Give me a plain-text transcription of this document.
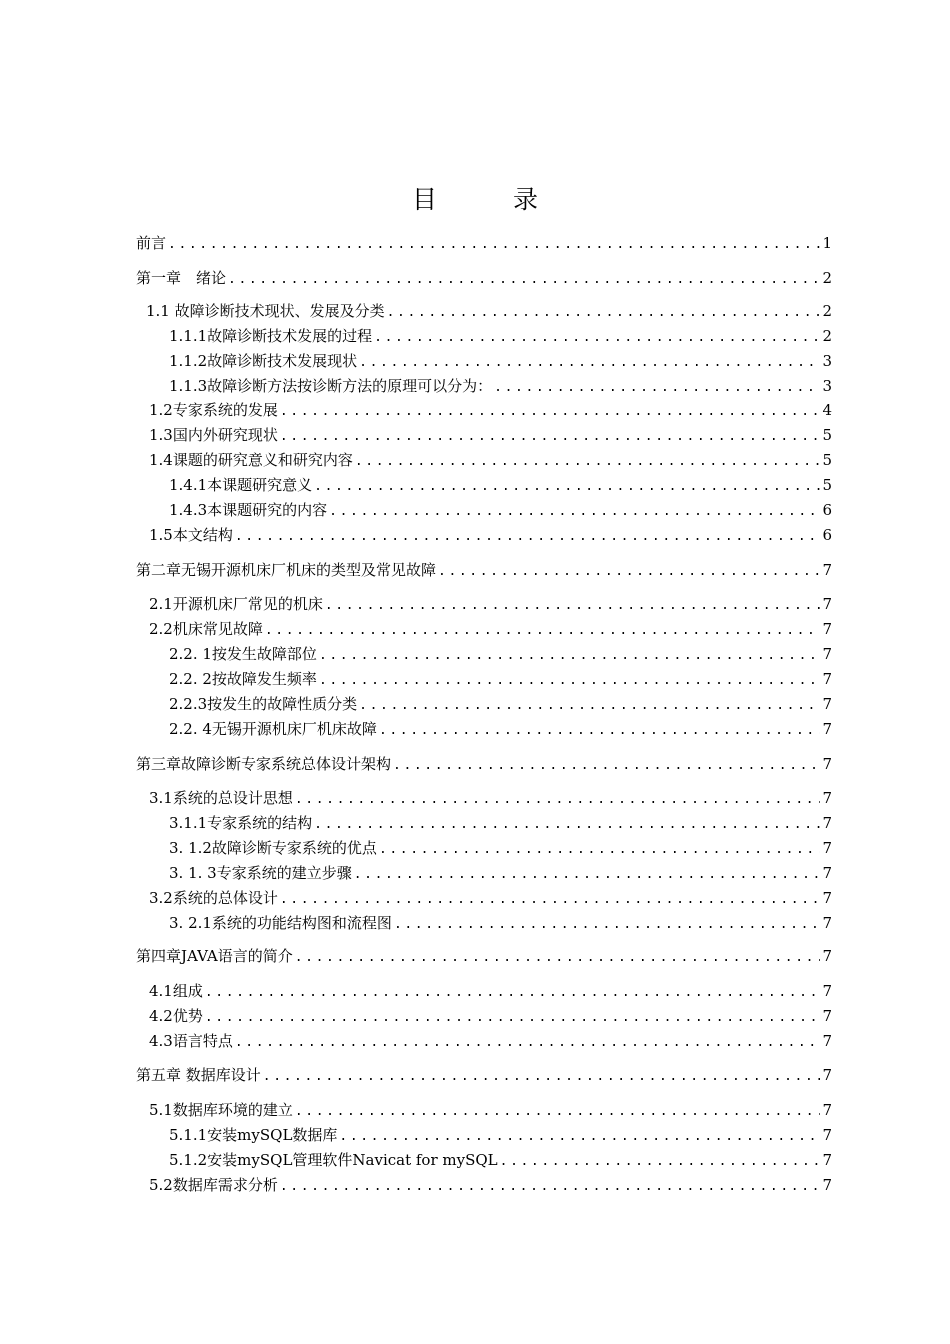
目 录
前言 .....	1
第一章　绪论 .....	2
1.1 故障诊断技术现状、发展及分类 .....	2
1.1.1故障诊断技术发展的过程 .....	2
1.1.2故障诊断技术发展现状 .....	3
1.1.3故障诊断方法按诊断方法的原理可以分为： .....	3
1.2专家系统的发展 .....	4
1.3国内外研究现状 .....	5
1.4课题的研究意义和研究内容 .....	5
1.4.1本课题研究意义 .....	5
1.4.3本课题研究的内容 .....	6
1.5本文结构 .....	6
第二章无锡开源机床厂机床的类型及常见故障 .....	7
2.1开源机床厂常见的机床 .....	7
2.2机床常见故障 .....	7
2.2. 1按发生故障部位 .....	7
2.2. 2按故障发生频率 .....	7
2.2.3按发生的故障性质分类 .....	7
2.2. 4无锡开源机床厂机床故障 .....	7
第三章故障诊断专家系统总体设计架构 .....	7
3.1系统的总设计思想 .....	7
3.1.1专家系统的结构 .....	7
3. 1.2故障诊断专家系统的优点 .....	7
3. 1. 3专家系统的建立步骤 .....	7
3.2系统的总体设计 .....	7
3. 2.1系统的功能结构图和流程图 .....	7
第四章JAVA语言的简介 .....	7
4.1组成 .....	7
4.2优势 .....	7
4.3语言特点 .....	7
第五章 数据库设计 .....	7
5.1数据库环境的建立 .....	7
5.1.1安装mySQL数据库 .....	7
5.1.2安装mySQL管理软件Navicat for mySQL .....	7
5.2数据库需求分析 .....	7
